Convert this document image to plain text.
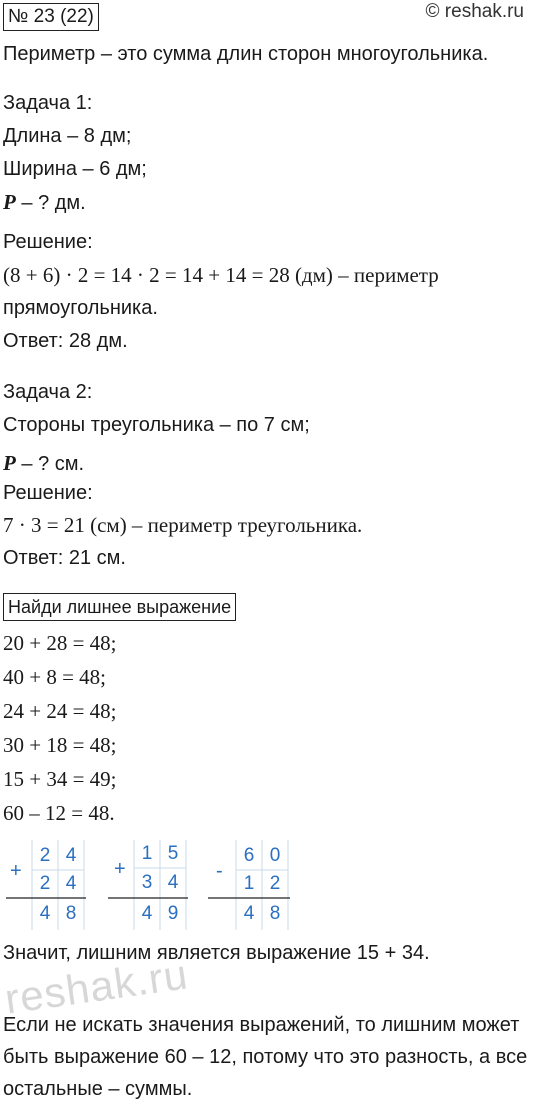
№ 23 (22)	© reshak.ru
Периметр – это сумма длин сторон многоугольника.
Задача 1:
Длина – 8 дм;
Ширина – 6 дм;
P – ? дм.
Решение:
(8 + 6) · 2 = 14 · 2 = 14 + 14 = 28 (дм) – периметр
прямоугольника.
Ответ: 28 дм.
Задача 2:
Стороны треугольника – по 7 см;
P – ? см.
Решение:
7 · 3 = 21 (см) – периметр треугольника.
Ответ: 21 см.
Найди лишнее выражение
20 + 28 = 48;
40 + 8 = 48;
24 + 24 = 48;
30 + 18 = 48;
15 + 34 = 49;
60 – 12 = 48.
+
2 4
2 4
4 8
+
1 5
3 4
4 9
-
6 0
1 2
4 8
Значит, лишним является выражение 15 + 34.
reshak.ru
Если не искать значения выражений, то лишним может
быть выражение 60 – 12, потому что это разность, а все
остальные – суммы.
